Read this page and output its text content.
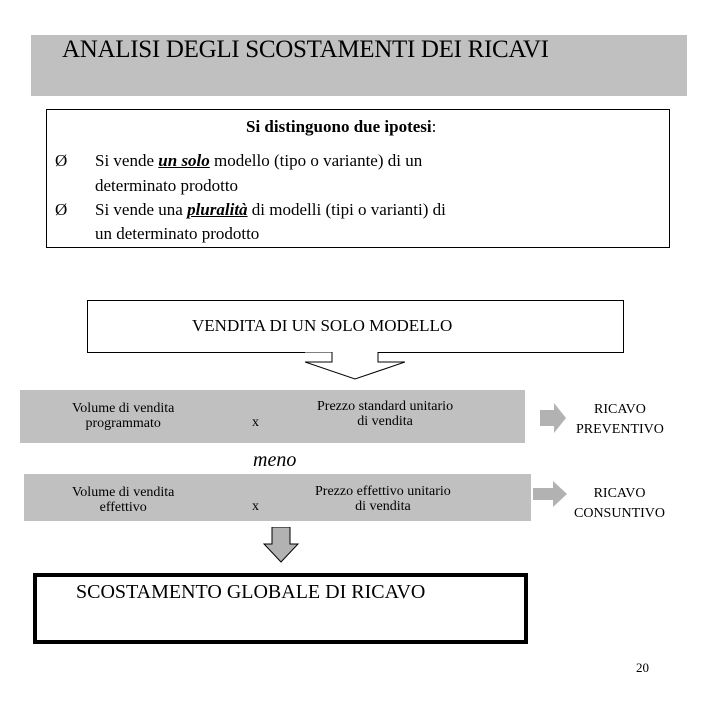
ANALISI DEGLI SCOSTAMENTI DEI RICAVI
Si distinguono due ipotesi:
Ø Si vende un solo modello (tipo o variante) di un
determinato prodotto
Ø Si vende una pluralità di modelli (tipi o varianti) di
un determinato prodotto
VENDITA DI UN SOLO MODELLO
Volume di vendita
programmato	x
Prezzo standard unitario
di vendita
RICAVO
PREVENTIVO
meno
Volume di vendita
effettivo	x
Prezzo effettivo unitario
di vendita
RICAVO
CONSUNTIVO
SCOSTAMENTO GLOBALE DI RICAVO
20
